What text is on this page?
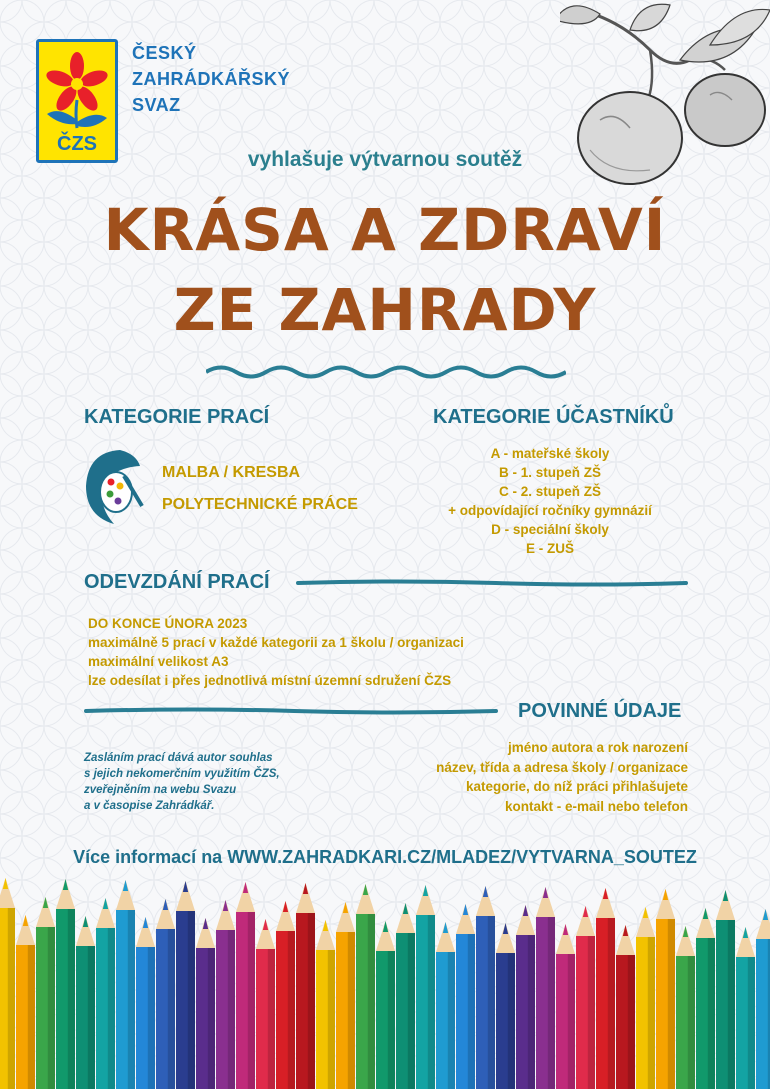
ČZS
ČESKÝ
ZAHRÁDKÁŘSKÝ
SVAZ
vyhlašuje výtvarnou soutěž
KRÁSA A ZDRAVÍ
ZE ZAHRADY
KATEGORIE PRACÍ
MALBA / KRESBA
POLYTECHNICKÉ PRÁCE
KATEGORIE ÚČASTNÍKŮ
A - mateřské školy
B - 1. stupeň ZŠ
C - 2. stupeň ZŠ
+ odpovídající ročníky gymnázií
D - speciální školy
E - ZUŠ
ODEVZDÁNÍ PRACÍ
DO KONCE ÚNORA 2023
maximálně 5 prací v každé kategorii za 1 školu / organizaci
maximální velikost A3
lze odesílat i přes jednotlivá místní územní sdružení ČZS
POVINNÉ ÚDAJE
Zasláním prací dává autor souhlas
s jejich nekomerčním využitím ČZS,
zveřejněním na webu Svazu
a v časopise Zahrádkář.
jméno autora a rok narození
název, třída a adresa školy / organizace
kategorie, do níž práci přihlašujete
kontakt - e-mail nebo telefon
Více informací na WWW.ZAHRADKARI.CZ/MLADEZ/VYTVARNA_SOUTEZ
